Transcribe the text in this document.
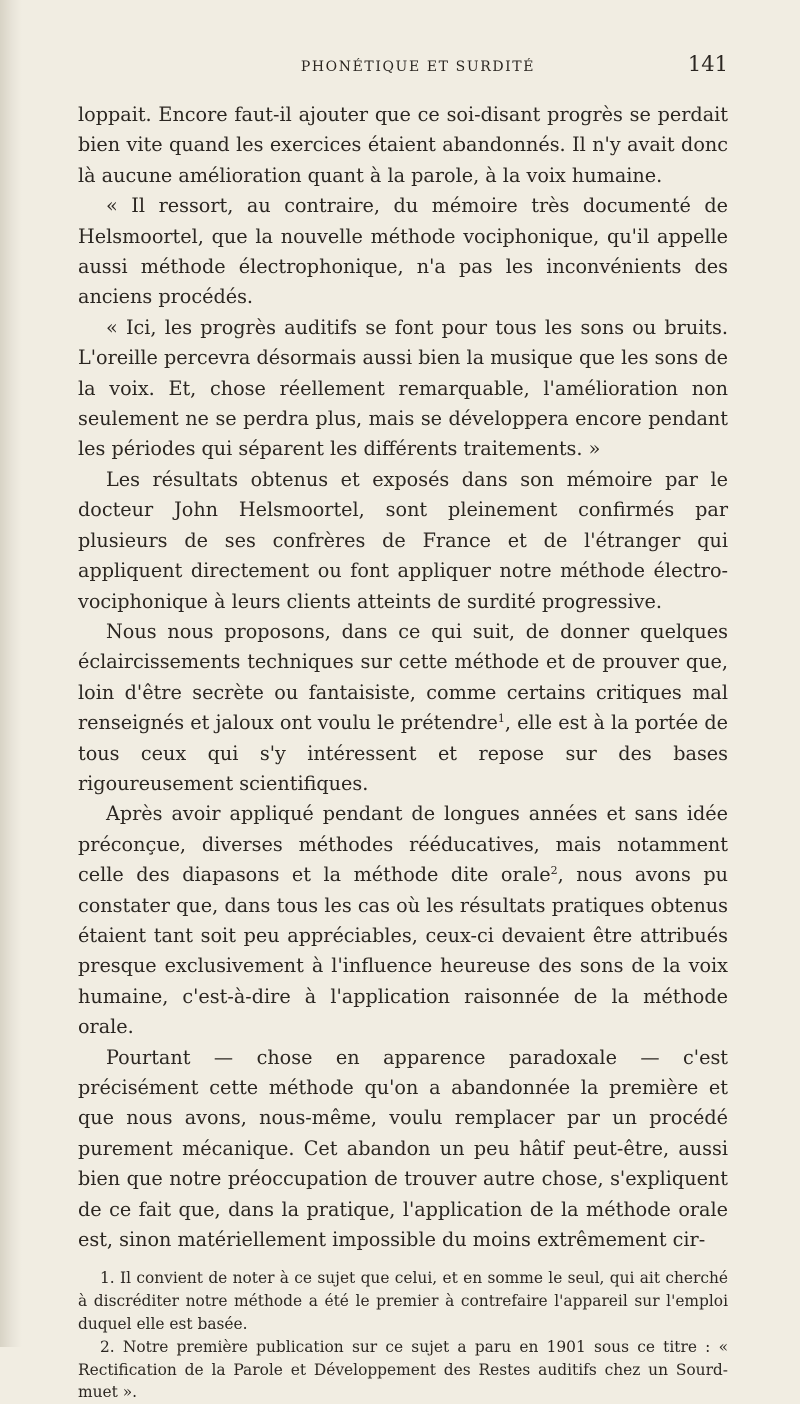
PHONÉTIQUE ET SURDITÉ	141

loppait. Encore faut-il ajouter que ce soi-disant progrès se perdait bien vite quand les exercices étaient abandonnés. Il n'y avait donc là aucune amélioration quant à la parole, à la voix humaine.

« Il ressort, au contraire, du mémoire très documenté de Helsmoortel, que la nouvelle méthode vociphonique, qu'il appelle aussi méthode électrophonique, n'a pas les inconvénients des anciens procédés.

« Ici, les progrès auditifs se font pour tous les sons ou bruits. L'oreille percevra désormais aussi bien la musique que les sons de la voix. Et, chose réellement remarquable, l'amélioration non seulement ne se perdra plus, mais se développera encore pendant les périodes qui séparent les différents traitements. »

Les résultats obtenus et exposés dans son mémoire par le docteur John Helsmoortel, sont pleinement confirmés par plusieurs de ses confrères de France et de l'étranger qui appliquent directement ou font appliquer notre méthode électro-vociphonique à leurs clients atteints de surdité progressive.

Nous nous proposons, dans ce qui suit, de donner quelques éclaircissements techniques sur cette méthode et de prouver que, loin d'être secrète ou fantaisiste, comme certains critiques mal renseignés et jaloux ont voulu le prétendre$^1$, elle est à la portée de tous ceux qui s'y intéressent et repose sur des bases rigoureusement scientifiques.

Après avoir appliqué pendant de longues années et sans idée préconçue, diverses méthodes rééducatives, mais notamment celle des diapasons et la méthode dite orale$^2$, nous avons pu constater que, dans tous les cas où les résultats pratiques obtenus étaient tant soit peu appréciables, ceux-ci devaient être attribués presque exclusivement à l'influence heureuse des sons de la voix humaine, c'est-à-dire à l'application raisonnée de la méthode orale.

Pourtant — chose en apparence paradoxale — c'est précisément cette méthode qu'on a abandonnée la première et que nous avons, nous-même, voulu remplacer par un procédé purement mécanique. Cet abandon un peu hâtif peut-être, aussi bien que notre préoccupation de trouver autre chose, s'expliquent de ce fait que, dans la pratique, l'application de la méthode orale est, sinon matériellement impossible du moins extrêmement cir-

1. Il convient de noter à ce sujet que celui, et en somme le seul, qui ait cherché à discréditer notre méthode a été le premier à contrefaire l'appareil sur l'emploi duquel elle est basée.

2. Notre première publication sur ce sujet a paru en 1901 sous ce titre : « Rectification de la Parole et Développement des Restes auditifs chez un Sourd-muet ».
